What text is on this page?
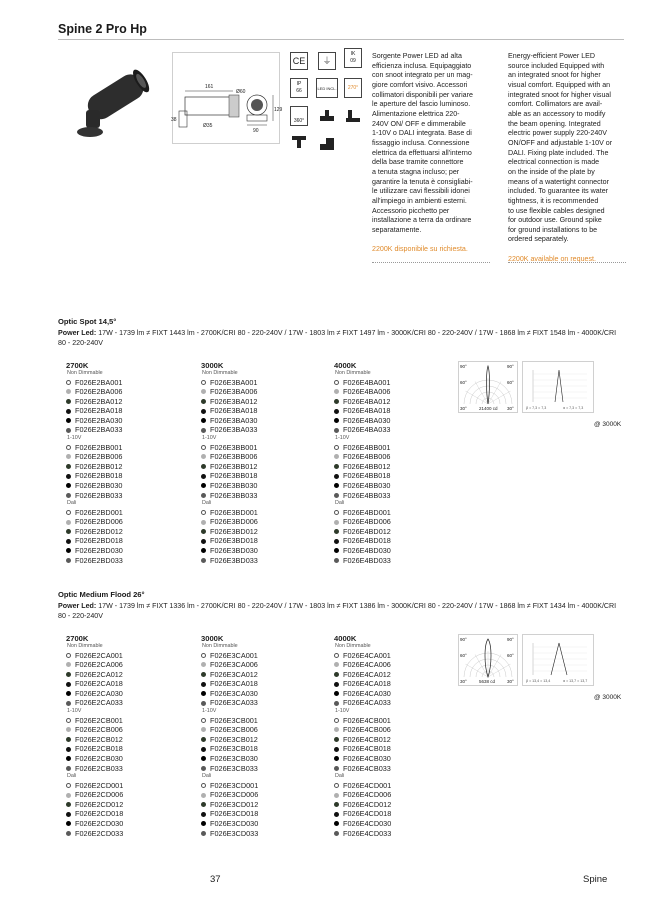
Spine 2 Pro Hp
161
38
Ø35
90
129
Ø60
CE	⏚
IK
09
IP
66	LED INCL.	270°
360°
Sorgente Power LED ad alta
efficienza inclusa. Equipaggiato
con snoot integrato per un mag-
giore comfort visivo. Accessori
collimatori disponibili per variare
le aperture del fascio luminoso.
Alimentazione elettrica 220-
240V ON/ OFF e dimmerabile
1-10V o DALI integrata. Base di
fissaggio inclusa. Connessione
elettrica da effettuarsi all'interno
della base tramite connettore
a tenuta stagna incluso; per
garantire la tenuta è consigliabi-
le utilizzare cavi flessibili idonei
all'impiego in ambienti esterni.
Accessorio picchetto per
installazione a terra da ordinare
separatamente.
2200K disponibile su richiesta.
Energy-efficient Power LED
source included Equipped with
an integrated snoot for higher
visual comfort. Equipped with an
integrated snoot for higher visual
comfort. Collimators are avail-
able as an accessory to modify
the beam opening. Integrated
electric power supply 220-240V
ON/OFF and adjustable 1-10V or
DALI. Fixing plate included. The
electrical connection is made
on the inside of the plate by
means of a watertight connector
included. To guarantee its water
tightness, it is recommended
to use flexible cables designed
for outdoor use. Ground spike
for ground installations to be
ordered separately.
2200K available on request.
Optic Spot 14,5°
Power Led: 17W - 1739 lm ≠ FIXT 1443 lm - 2700K/CRI 80 - 220-240V / 17W - 1803 lm ≠ FIXT 1497 lm - 3000K/CRI 80 - 220-240V / 17W - 1868 lm ≠ FIXT 1548 lm - 4000K/CRI 80 - 220-240V
2700K
Non Dimmable
F026E2BA001
F026E2BA006
F026E2BA012
F026E2BA018
F026E2BA030
F026E2BA033
1-10V
F026E2BB001
F026E2BB006
F026E2BB012
F026E2BB018
F026E2BB030
F026E2BB033
Dali
F026E2BD001
F026E2BD006
F026E2BD012
F026E2BD018
F026E2BD030
F026E2BD033
3000K
Non Dimmable
F026E3BA001
F026E3BA006
F026E3BA012
F026E3BA018
F026E3BA030
F026E3BA033
1-10V
F026E3BB001
F026E3BB006
F026E3BB012
F026E3BB018
F026E3BB030
F026E3BB033
Dali
F026E3BD001
F026E3BD006
F026E3BD012
F026E3BD018
F026E3BD030
F026E3BD033
4000K
Non Dimmable
F026E4BA001
F026E4BA006
F026E4BA012
F026E4BA018
F026E4BA030
F026E4BA033
1-10V
F026E4BB001
F026E4BB006
F026E4BB012
F026E4BB018
F026E4BB030
F026E4BB033
Dali
F026E4BD001
F026E4BD006
F026E4BD012
F026E4BD018
F026E4BD030
F026E4BD033
90°	90°
60°	60°
30°	30°
21400 cd	β = 7,3 = 7,3	α = 7,3 = 7,3
@ 3000K
Optic Medium Flood 26°
Power Led: 17W - 1739 lm ≠ FIXT 1336 lm - 2700K/CRI 80 - 220-240V / 17W - 1803 lm ≠ FIXT 1386 lm - 3000K/CRI 80 - 220-240V / 17W - 1868 lm ≠ FIXT 1434 lm - 4000K/CRI 80 - 220-240V
2700K
Non Dimmable
F026E2CA001
F026E2CA006
F026E2CA012
F026E2CA018
F026E2CA030
F026E2CA033
1-10V
F026E2CB001
F026E2CB006
F026E2CB012
F026E2CB018
F026E2CB030
F026E2CB033
Dali
F026E2CD001
F026E2CD006
F026E2CD012
F026E2CD018
F026E2CD030
F026E2CD033
3000K
Non Dimmable
F026E3CA001
F026E3CA006
F026E3CA012
F026E3CA018
F026E3CA030
F026E3CA033
1-10V
F026E3CB001
F026E3CB006
F026E3CB012
F026E3CB018
F026E3CB030
F026E3CB033
Dali
F026E3CD001
F026E3CD006
F026E3CD012
F026E3CD018
F026E3CD030
F026E3CD033
4000K
Non Dimmable
F026E4CA001
F026E4CA006
F026E4CA012
F026E4CA018
F026E4CA030
F026E4CA033
1-10V
F026E4CB001
F026E4CB006
F026E4CB012
F026E4CB018
F026E4CB030
F026E4CB033
Dali
F026E4CD001
F026E4CD006
F026E4CD012
F026E4CD018
F026E4CD030
F026E4CD033
90°	90°
60°	60°
30°	30°
5638 cd	β = 13,4 = 13,4	α = 13,7 = 13,7
@ 3000K
37	Spine
